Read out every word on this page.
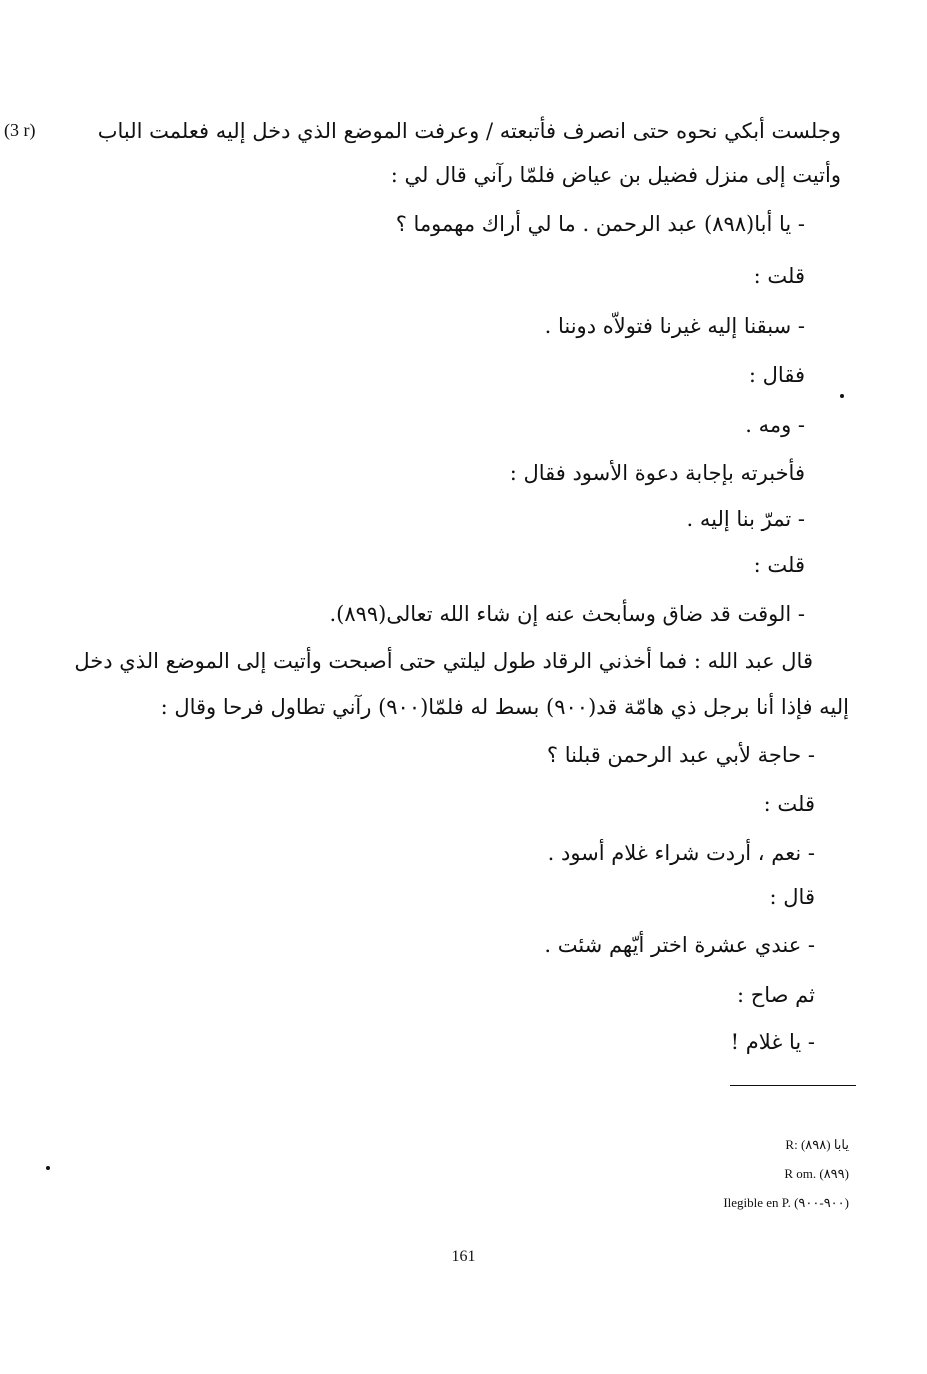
(3 r)	وجلست أبكي نحوه حتى انصرف فأتبعته / وعرفت الموضع الذي دخل إليه فعلمت الباب
وأتيت إلى منزل فضيل بن عياض فلمّا رآني قال لي :
- يا أبا(٨٩٨) عبد الرحمن . ما لي أراك مهموما ؟
قلت :
- سبقنا إليه غيرنا فتولاّه دوننا .
فقال :
- ومه .
فأخبرته بإجابة دعوة الأسود فقال :
- تمرّ بنا إليه .
قلت :
- الوقت قد ضاق وسأبحث عنه إن شاء الله تعالى(٨٩٩).
قال عبد الله : فما أخذني الرقاد طول ليلتي حتى أصبحت وأتيت إلى الموضع الذي دخل
إليه فإذا أنا برجل ذي هامّة قد(٩٠٠) بسط له فلمّا(٩٠٠) رآني تطاول فرحا وقال :
- حاجة لأبي عبد الرحمن قبلنا ؟
قلت :
- نعم ، أردت شراء غلام أسود .
قال :
- عندي عشرة اختر أيّهم شئت .
ثم صاح :
- يا غلام !
R: يابا (٨٩٨)
R om. (٨٩٩)
Ilegible en P. (٩٠٠-٩٠٠)
161
